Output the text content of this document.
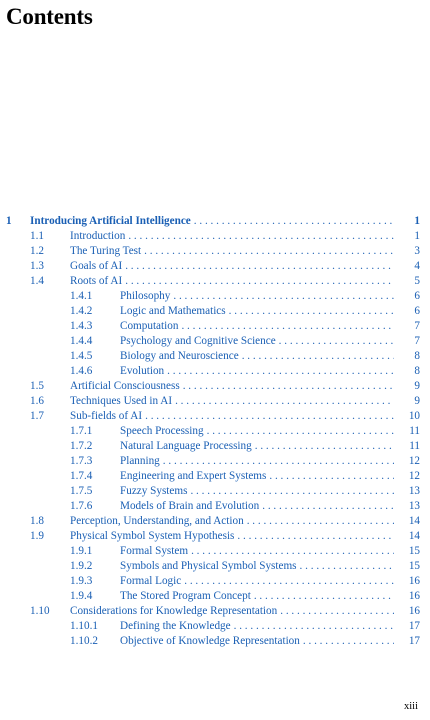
Contents
1 Introducing Artificial Intelligence . . .	1
1.1 Introduction . . .	1
1.2 The Turing Test . . .	3
1.3 Goals of AI . . .	4
1.4 Roots of AI . . .	5
1.4.1 Philosophy . . .	6
1.4.2 Logic and Mathematics . . .	6
1.4.3 Computation . . .	7
1.4.4 Psychology and Cognitive Science . . .	7
1.4.5 Biology and Neuroscience . . .	8
1.4.6 Evolution . . .	8
1.5 Artificial Consciousness . . .	9
1.6 Techniques Used in AI . . .	9
1.7 Sub-fields of AI . . .	10
1.7.1 Speech Processing . . .	11
1.7.2 Natural Language Processing . . .	11
1.7.3 Planning . . .	12
1.7.4 Engineering and Expert Systems . . .	12
1.7.5 Fuzzy Systems . . .	13
1.7.6 Models of Brain and Evolution . . .	13
1.8 Perception, Understanding, and Action . . .	14
1.9 Physical Symbol System Hypothesis . . .	14
1.9.1 Formal System . . .	15
1.9.2 Symbols and Physical Symbol Systems . . .	15
1.9.3 Formal Logic . . .	16
1.9.4 The Stored Program Concept . . .	16
1.10 Considerations for Knowledge Representation . . .	16
1.10.1 Defining the Knowledge . . .	17
1.10.2 Objective of Knowledge Representation . . .	17
xiii
